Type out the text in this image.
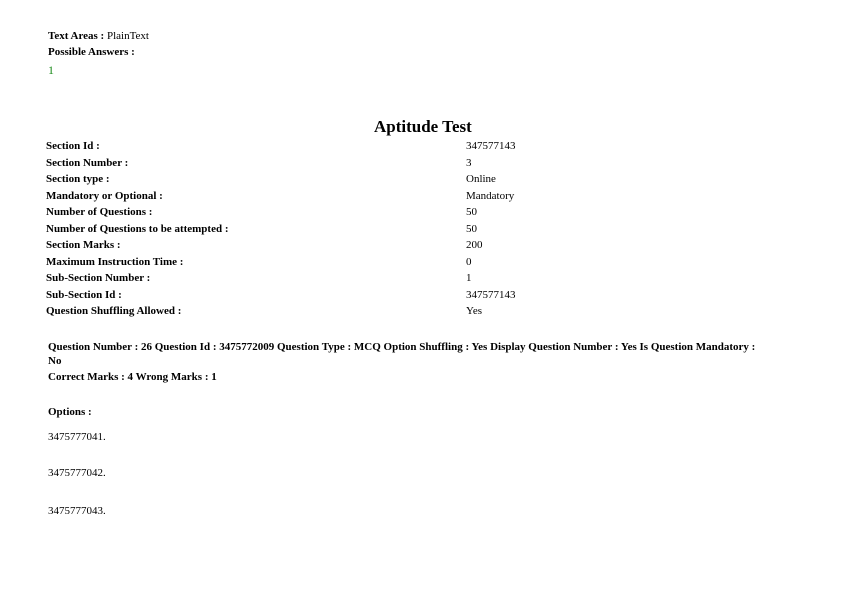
Text Areas : PlainText
Possible Answers :
1
Aptitude Test
Section Id :	347577143
Section Number :	3
Section type :	Online
Mandatory or Optional :	Mandatory
Number of Questions :	50
Number of Questions to be attempted :	50
Section Marks :	200
Maximum Instruction Time :	0
Sub-Section Number :	1
Sub-Section Id :	347577143
Question Shuffling Allowed :	Yes
Question Number : 26 Question Id : 3475772009 Question Type : MCQ Option Shuffling : Yes Display Question Number : Yes Is Question Mandatory : No
Correct Marks : 4 Wrong Marks : 1
Options :
3475777041.
3475777042.
3475777043.
